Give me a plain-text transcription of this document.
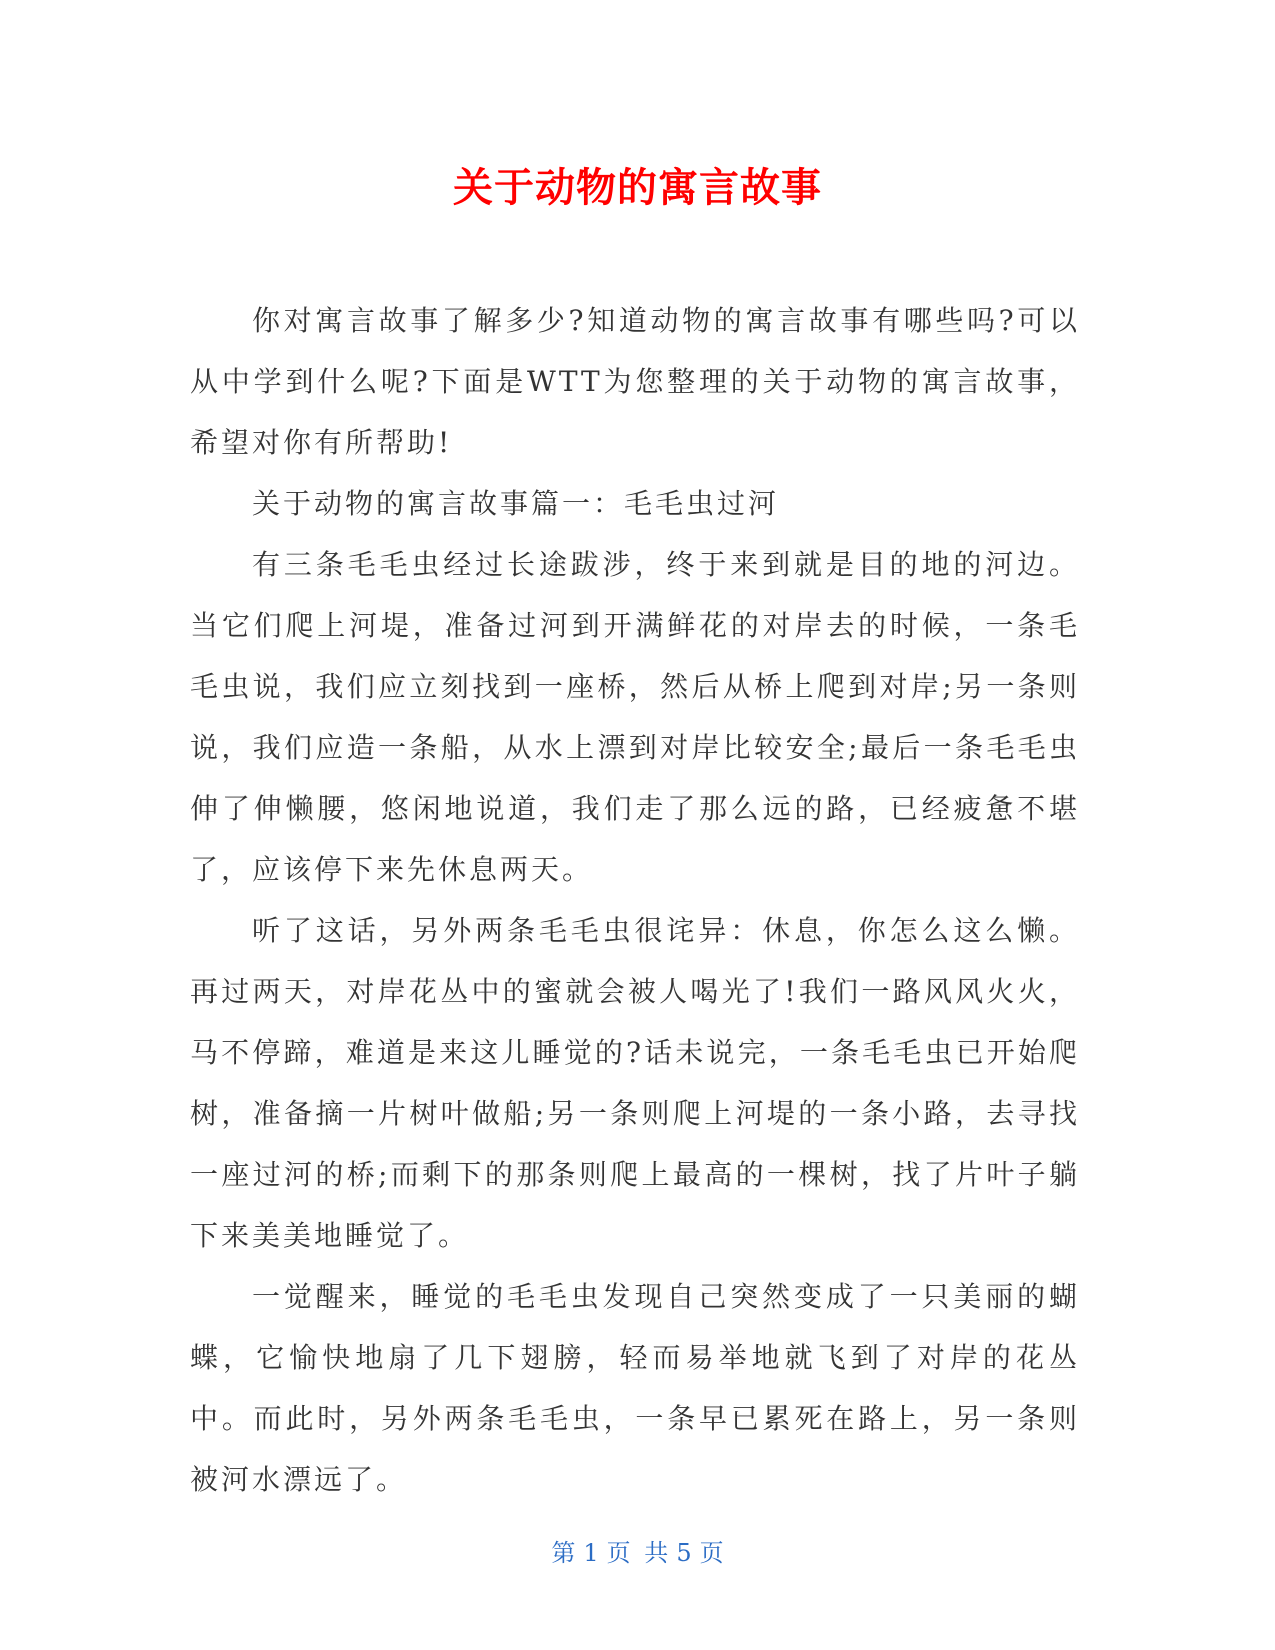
关于动物的寓言故事

你对寓言故事了解多少?知道动物的寓言故事有哪些吗?可以从中学到什么呢?下面是WTT为您整理的关于动物的寓言故事，希望对你有所帮助!

关于动物的寓言故事篇一：毛毛虫过河

有三条毛毛虫经过长途跋涉，终于来到就是目的地的河边。当它们爬上河堤，准备过河到开满鲜花的对岸去的时候，一条毛毛虫说，我们应立刻找到一座桥，然后从桥上爬到对岸;另一条则说，我们应造一条船，从水上漂到对岸比较安全;最后一条毛毛虫伸了伸懒腰，悠闲地说道，我们走了那么远的路，已经疲惫不堪了，应该停下来先休息两天。

听了这话，另外两条毛毛虫很诧异：休息，你怎么这么懒。再过两天，对岸花丛中的蜜就会被人喝光了!我们一路风风火火，马不停蹄，难道是来这儿睡觉的?话未说完，一条毛毛虫已开始爬树，准备摘一片树叶做船;另一条则爬上河堤的一条小路，去寻找一座过河的桥;而剩下的那条则爬上最高的一棵树，找了片叶子躺下来美美地睡觉了。

一觉醒来，睡觉的毛毛虫发现自己突然变成了一只美丽的蝴蝶，它愉快地扇了几下翅膀，轻而易举地就飞到了对岸的花丛中。而此时，另外两条毛毛虫，一条早已累死在路上，另一条则被河水漂远了。

第 1 页 共 5 页
